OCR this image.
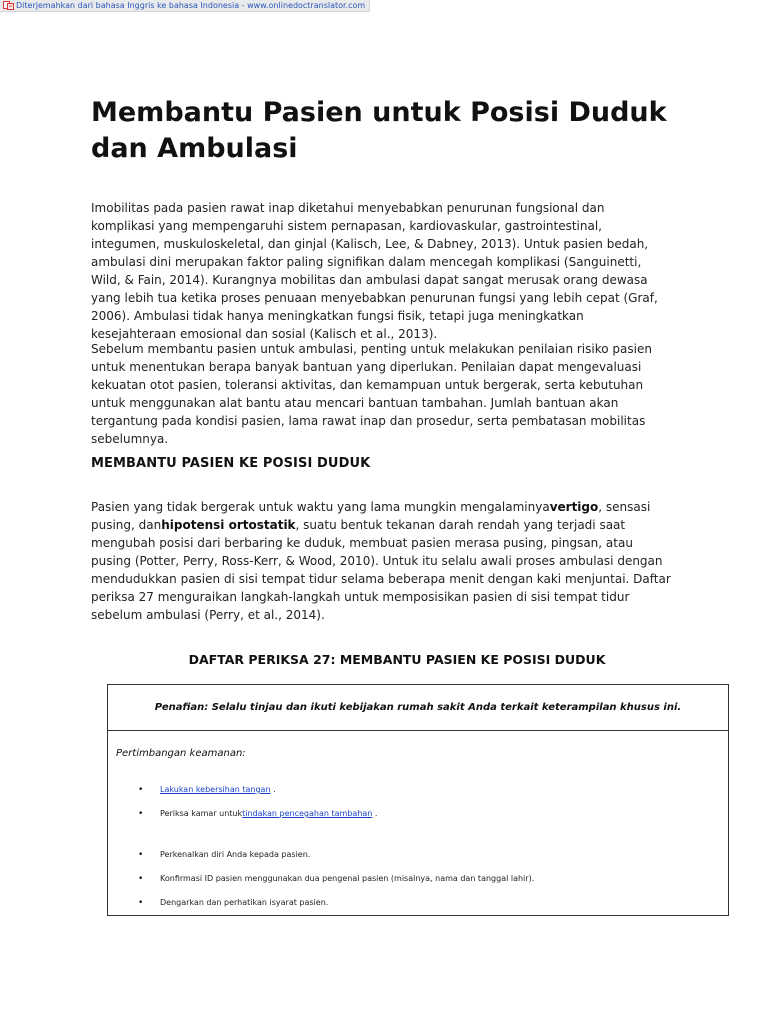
Diterjemahkan dari bahasa Inggris ke bahasa Indonesia - www.onlinedoctranslator.com
Membantu Pasien untuk Posisi Duduk dan Ambulasi

Imobilitas pada pasien rawat inap diketahui menyebabkan penurunan fungsional dan komplikasi yang mempengaruhi sistem pernapasan, kardiovaskular, gastrointestinal, integumen, muskuloskeletal, dan ginjal (Kalisch, Lee, & Dabney, 2013). Untuk pasien bedah, ambulasi dini merupakan faktor paling signifikan dalam mencegah komplikasi (Sanguinetti, Wild, & Fain, 2014). Kurangnya mobilitas dan ambulasi dapat sangat merusak orang dewasa yang lebih tua ketika proses penuaan menyebabkan penurunan fungsi yang lebih cepat (Graf, 2006). Ambulasi tidak hanya meningkatkan fungsi fisik, tetapi juga meningkatkan kesejahteraan emosional dan sosial (Kalisch et al., 2013).

Sebelum membantu pasien untuk ambulasi, penting untuk melakukan penilaian risiko pasien untuk menentukan berapa banyak bantuan yang diperlukan. Penilaian dapat mengevaluasi kekuatan otot pasien, toleransi aktivitas, dan kemampuan untuk bergerak, serta kebutuhan untuk menggunakan alat bantu atau mencari bantuan tambahan. Jumlah bantuan akan tergantung pada kondisi pasien, lama rawat inap dan prosedur, serta pembatasan mobilitas sebelumnya.

MEMBANTU PASIEN KE POSISI DUDUK

Pasien yang tidak bergerak untuk waktu yang lama mungkin mengalaminyavertigo, sensasi pusing, danhipotensi ortostatik, suatu bentuk tekanan darah rendah yang terjadi saat mengubah posisi dari berbaring ke duduk, membuat pasien merasa pusing, pingsan, atau pusing (Potter, Perry, Ross-Kerr, & Wood, 2010). Untuk itu selalu awali proses ambulasi dengan mendudukkan pasien di sisi tempat tidur selama beberapa menit dengan kaki menjuntai. Daftar periksa 27 menguraikan langkah-langkah untuk memposisikan pasien di sisi tempat tidur sebelum ambulasi (Perry, et al., 2014).

DAFTAR PERIKSA 27: MEMBANTU PASIEN KE POSISI DUDUK

Penafian: Selalu tinjau dan ikuti kebijakan rumah sakit Anda terkait keterampilan khusus ini.
Pertimbangan keamanan:
•	Lakukan kebersihan tangan .
•	Periksa kamar untuktindakan pencegahan tambahan .
•	Perkenalkan diri Anda kepada pasien.
•	Konfirmasi ID pasien menggunakan dua pengenal pasien (misalnya, nama dan tanggal lahir).
•	Dengarkan dan perhatikan isyarat pasien.
